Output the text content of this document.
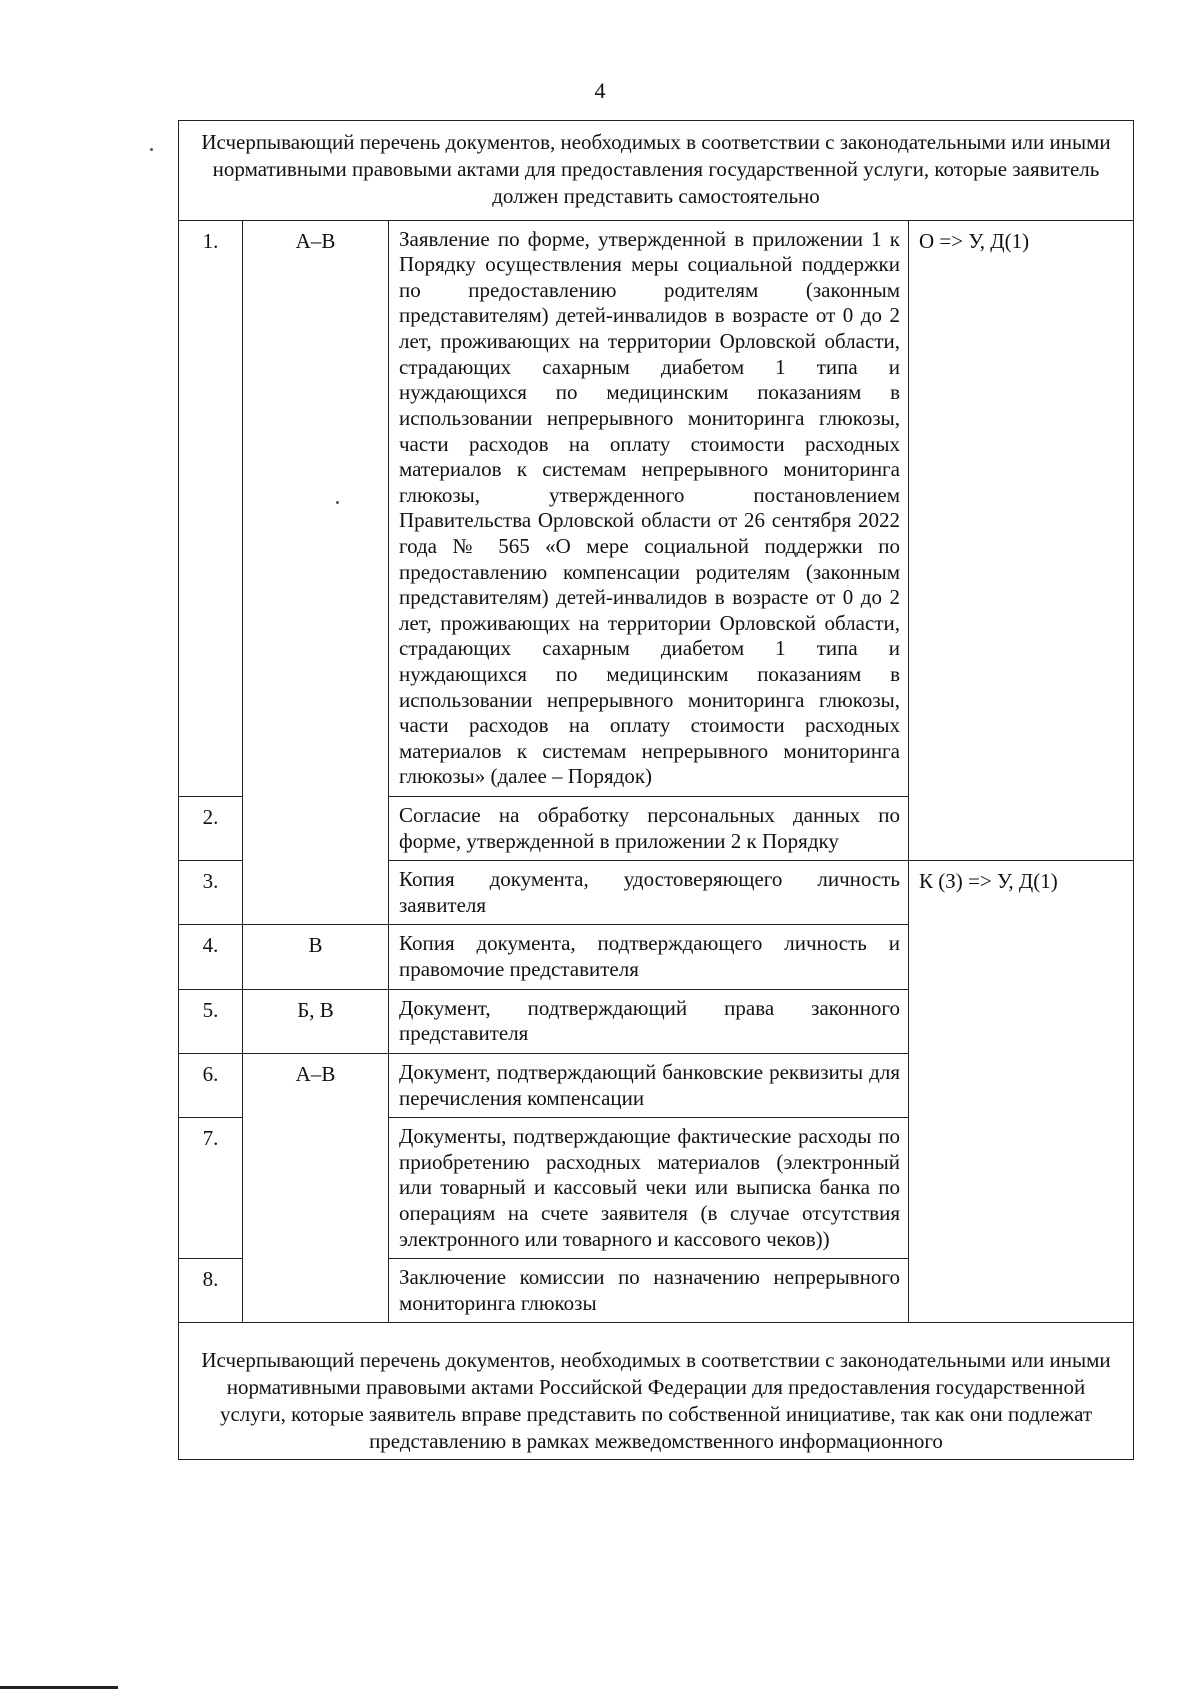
4
Исчерпывающий перечень документов, необходимых в соответствии с законодательными или иными нормативными правовыми актами для предоставления государственной услуги, которые заявитель должен представить самостоятельно			
1.	А–В	Заявление по форме, утвержденной в приложении 1 к Порядку осуществления меры социальной поддержки по предоставлению родителям (законным представителям) детей-инвалидов в возрасте от 0 до 2 лет, проживающих на территории Орловской области, страдающих сахарным диабетом 1 типа и нуждающихся по медицинским показаниям в использовании непрерывного мониторинга глюкозы, части расходов на оплату стоимости расходных материалов к системам непрерывного мониторинга глюкозы, утвержденного постановлением Правительства Орловской области от 26 сентября 2022 года № 565 «О мере социальной поддержки по предоставлению компенсации родителям (законным представителям) детей-инвалидов в возрасте от 0 до 2 лет, проживающих на территории Орловской области, страдающих сахарным диабетом 1 типа и нуждающихся по медицинским показаниям в использовании непрерывного мониторинга глюкозы, части расходов на оплату стоимости расходных материалов к системам непрерывного мониторинга глюкозы» (далее – Порядок)	О => У, Д(1)
2.		Согласие на обработку персональных данных по форме, утвержденной в приложении 2 к Порядку	
3.		Копия документа, удостоверяющего личность заявителя	К (З) => У, Д(1)
4.	В	Копия документа, подтверждающего личность и правомочие представителя	
5.	Б, В	Документ, подтверждающий права законного представителя	
6.	А–В	Документ, подтверждающий банковские реквизиты для перечисления компенсации	
7.		Документы, подтверждающие фактические расходы по приобретению расходных материалов (электронный или товарный и кассовый чеки или выписка банка по операциям на счете заявителя (в случае отсутствия электронного или товарного и кассового чеков))	
8.		Заключение комиссии по назначению непрерывного мониторинга глюкозы	
Исчерпывающий перечень документов, необходимых в соответствии с законодательными или иными нормативными правовыми актами Российской Федерации для предоставления государственной услуги, которые заявитель вправе представить по собственной инициативе, так как они подлежат представлению в рамках межведомственного информационного			
